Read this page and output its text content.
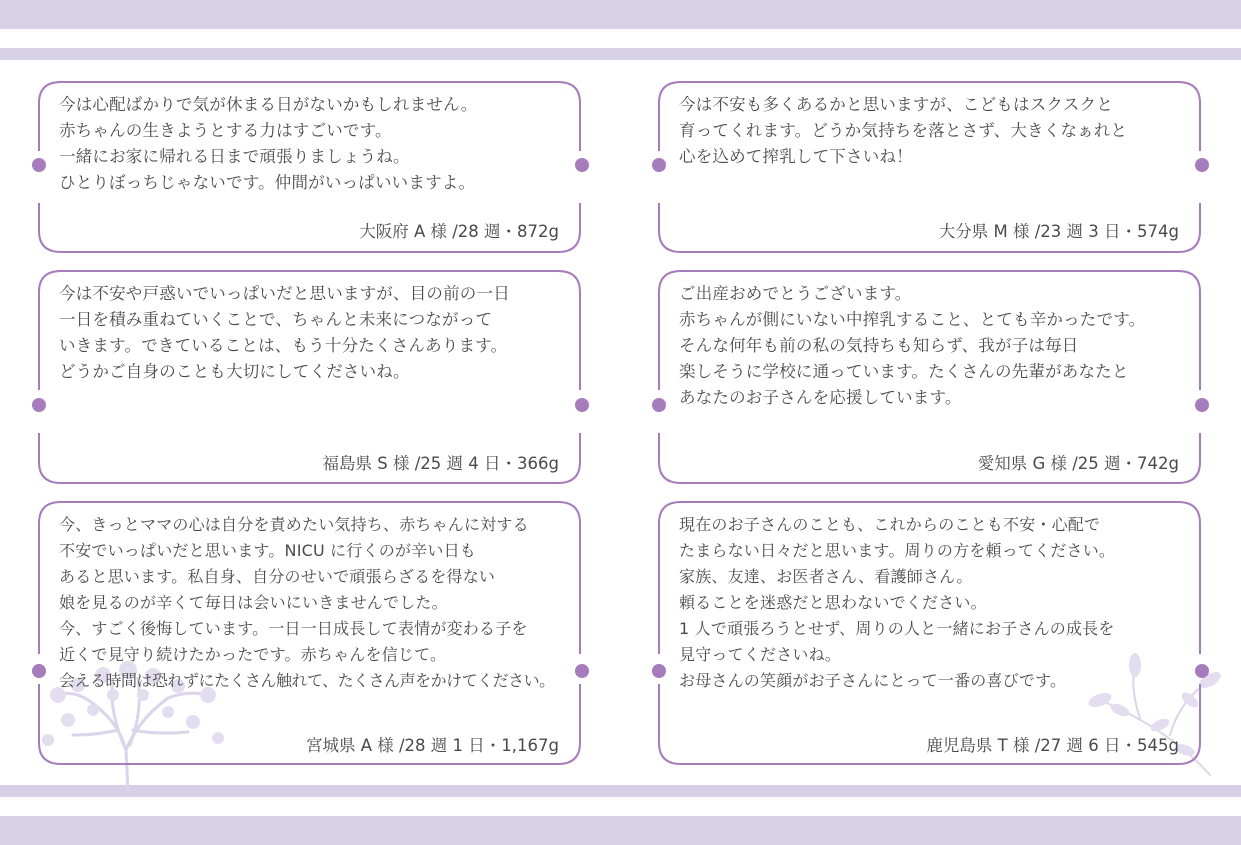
今は心配ばかりで気が休まる日がないかもしれません。
赤ちゃんの生きようとする力はすごいです。
一緒にお家に帰れる日まで頑張りましょうね。
ひとりぼっちじゃないです。仲間がいっぱいいますよ。
大阪府 A 様 /28 週・872g
今は不安も多くあるかと思いますが、こどもはスクスクと
育ってくれます。どうか気持ちを落とさず、大きくなぁれと
心を込めて搾乳して下さいね！
大分県 M 様 /23 週 3 日・574g
今は不安や戸惑いでいっぱいだと思いますが、目の前の一日
一日を積み重ねていくことで、ちゃんと未来につながって
いきます。できていることは、もう十分たくさんあります。
どうかご自身のことも大切にしてくださいね。
福島県 S 様 /25 週 4 日・366g
ご出産おめでとうございます。
赤ちゃんが側にいない中搾乳すること、とても辛かったです。
そんな何年も前の私の気持ちも知らず、我が子は毎日
楽しそうに学校に通っています。たくさんの先輩があなたと
あなたのお子さんを応援しています。
愛知県 G 様 /25 週・742g
今、きっとママの心は自分を責めたい気持ち、赤ちゃんに対する
不安でいっぱいだと思います。NICU に行くのが辛い日も
あると思います。私自身、自分のせいで頑張らざるを得ない
娘を見るのが辛くて毎日は会いにいきませんでした。
今、すごく後悔しています。一日一日成長して表情が変わる子を
近くで見守り続けたかったです。赤ちゃんを信じて。
会える時間は恐れずにたくさん触れて、たくさん声をかけてください。
宮城県 A 様 /28 週 1 日・1,167g
現在のお子さんのことも、これからのことも不安・心配で
たまらない日々だと思います。周りの方を頼ってください。
家族、友達、お医者さん、看護師さん。
頼ることを迷惑だと思わないでください。
1 人で頑張ろうとせず、周りの人と一緒にお子さんの成長を
見守ってくださいね。
お母さんの笑顔がお子さんにとって一番の喜びです。
鹿児島県 T 様 /27 週 6 日・545g
